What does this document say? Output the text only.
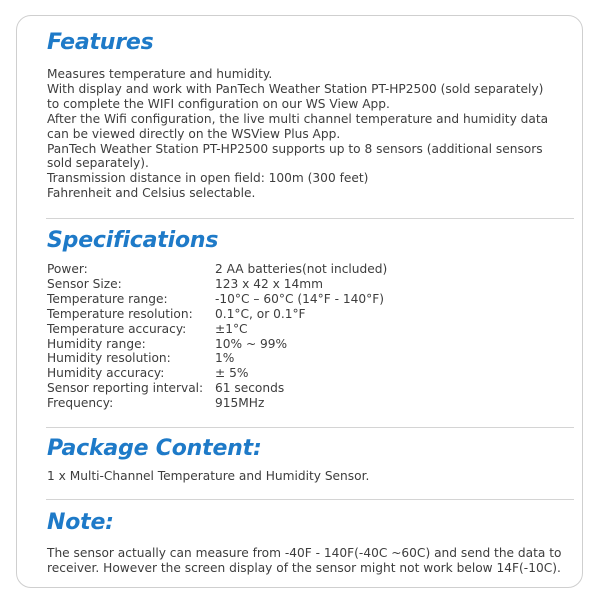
Features
Measures temperature and humidity.
With display and work with PanTech Weather Station PT-HP2500 (sold separately)
to complete the WIFI configuration on our WS View App.
After the Wifi configuration, the live multi channel temperature and humidity data
can be viewed directly on the WSView Plus App.
PanTech Weather Station PT-HP2500 supports up to 8 sensors (additional sensors
sold separately).
Transmission distance in open field: 100m (300 feet)
Fahrenheit and Celsius selectable.
Specifications
Power:	2 AA batteries(not included)
Sensor Size:	123 x 42 x 14mm
Temperature range:	-10°C – 60°C (14°F - 140°F)
Temperature resolution:	0.1°C, or 0.1°F
Temperature accuracy:	±1°C
Humidity range:	10% ~ 99%
Humidity resolution:	1%
Humidity accuracy:	± 5%
Sensor reporting interval: 61 seconds
Frequency:	915MHz
Package Content:
1 x Multi-Channel Temperature and Humidity Sensor.
Note:
The sensor actually can measure from -40F - 140F(-40C ~60C) and send the data to
receiver. However the screen display of the sensor might not work below 14F(-10C).
